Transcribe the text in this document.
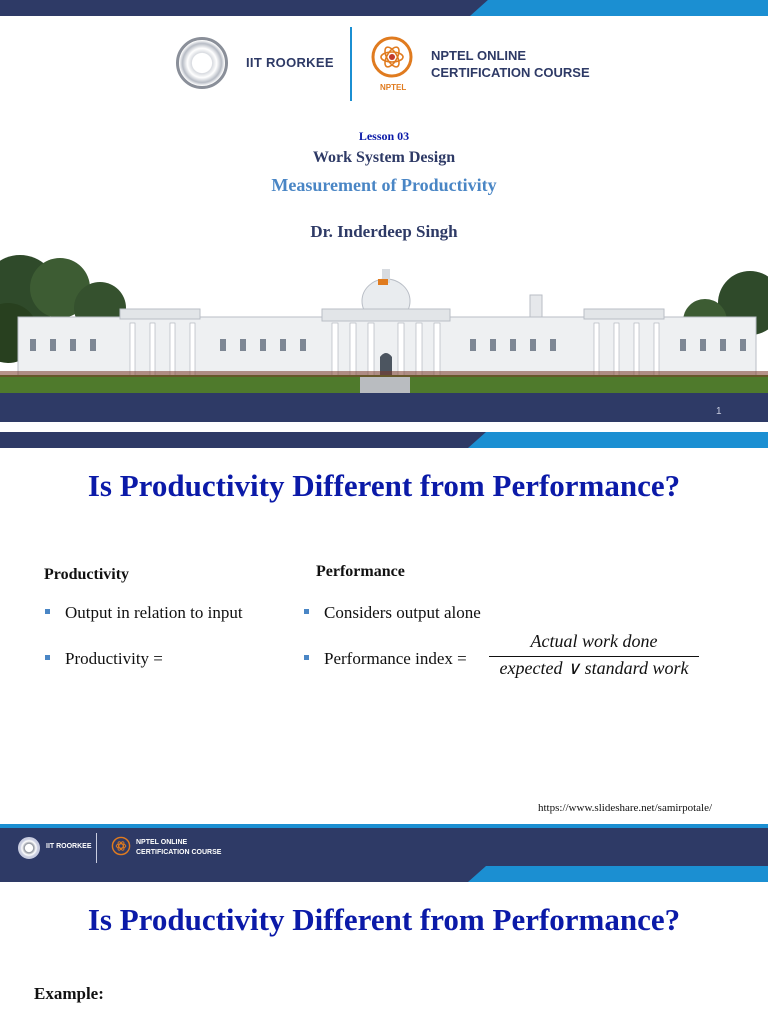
IIT ROORKEE
NPTEL
NPTEL ONLINE
CERTIFICATION COURSE
Lesson 03
Work System Design
Measurement of Productivity
Dr. Inderdeep Singh
1
Is Productivity Different from Performance?
Productivity	Performance
Output in relation to input
Productivity =
Considers output alone
Performance index =
Actual work done
expected ∨ standard work
https://www.slideshare.net/samirpotale/
IIT ROORKEE
NPTEL ONLINE
CERTIFICATION COURSE
Is Productivity Different from Performance?
Example:
